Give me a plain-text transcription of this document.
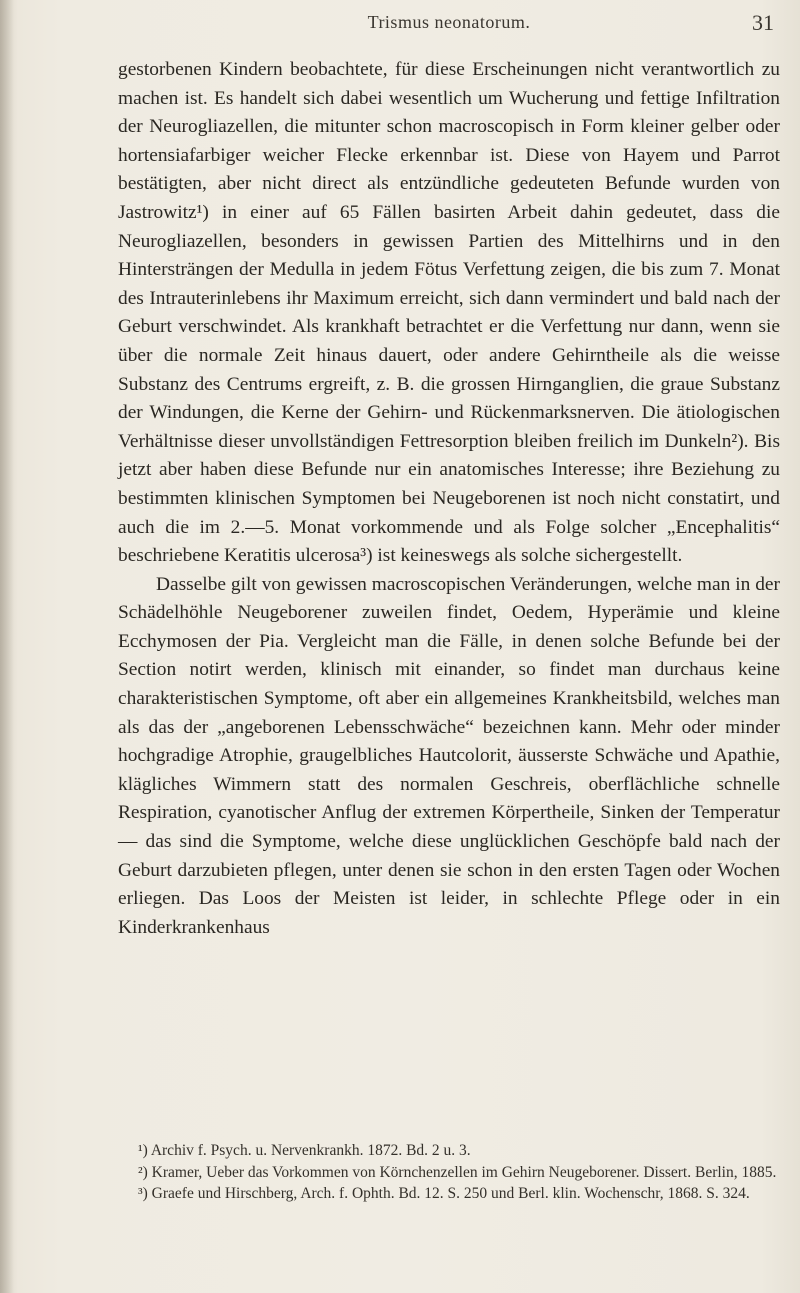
Trismus neonatorum.	31

gestorbenen Kindern beobachtete, für diese Erscheinungen nicht verantwortlich zu machen ist. Es handelt sich dabei wesentlich um Wucherung und fettige Infiltration der Neurogliazellen, die mitunter schon macroscopisch in Form kleiner gelber oder hortensiafarbiger weicher Flecke erkennbar ist. Diese von Hayem und Parrot bestätigten, aber nicht direct als entzündliche gedeuteten Befunde wurden von Jastrowitz¹) in einer auf 65 Fällen basirten Arbeit dahin gedeutet, dass die Neurogliazellen, besonders in gewissen Partien des Mittelhirns und in den Hintersträngen der Medulla in jedem Fötus Verfettung zeigen, die bis zum 7. Monat des Intrauterinlebens ihr Maximum erreicht, sich dann vermindert und bald nach der Geburt verschwindet. Als krankhaft betrachtet er die Verfettung nur dann, wenn sie über die normale Zeit hinaus dauert, oder andere Gehirntheile als die weisse Substanz des Centrums ergreift, z. B. die grossen Hirnganglien, die graue Substanz der Windungen, die Kerne der Gehirn- und Rückenmarksnerven. Die ätiologischen Verhältnisse dieser unvollständigen Fettresorption bleiben freilich im Dunkeln²). Bis jetzt aber haben diese Befunde nur ein anatomisches Interesse; ihre Beziehung zu bestimmten klinischen Symptomen bei Neugeborenen ist noch nicht constatirt, und auch die im 2.—5. Monat vorkommende und als Folge solcher „Encephalitis“ beschriebene Keratitis ulcerosa³) ist keineswegs als solche sichergestellt.

Dasselbe gilt von gewissen macroscopischen Veränderungen, welche man in der Schädelhöhle Neugeborener zuweilen findet, Oedem, Hyperämie und kleine Ecchymosen der Pia. Vergleicht man die Fälle, in denen solche Befunde bei der Section notirt werden, klinisch mit einander, so findet man durchaus keine charakteristischen Symptome, oft aber ein allgemeines Krankheitsbild, welches man als das der „angeborenen Lebensschwäche“ bezeichnen kann. Mehr oder minder hochgradige Atrophie, graugelbliches Hautcolorit, äusserste Schwäche und Apathie, klägliches Wimmern statt des normalen Geschreis, oberflächliche schnelle Respiration, cyanotischer Anflug der extremen Körpertheile, Sinken der Temperatur — das sind die Symptome, welche diese unglücklichen Geschöpfe bald nach der Geburt darzubieten pflegen, unter denen sie schon in den ersten Tagen oder Wochen erliegen. Das Loos der Meisten ist leider, in schlechte Pflege oder in ein Kinderkrankenhaus

¹) Archiv f. Psych. u. Nervenkrankh. 1872. Bd. 2 u. 3.
²) Kramer, Ueber das Vorkommen von Körnchenzellen im Gehirn Neugeborener. Dissert. Berlin, 1885.
³) Graefe und Hirschberg, Arch. f. Ophth. Bd. 12. S. 250 und Berl. klin. Wochenschr, 1868. S. 324.
